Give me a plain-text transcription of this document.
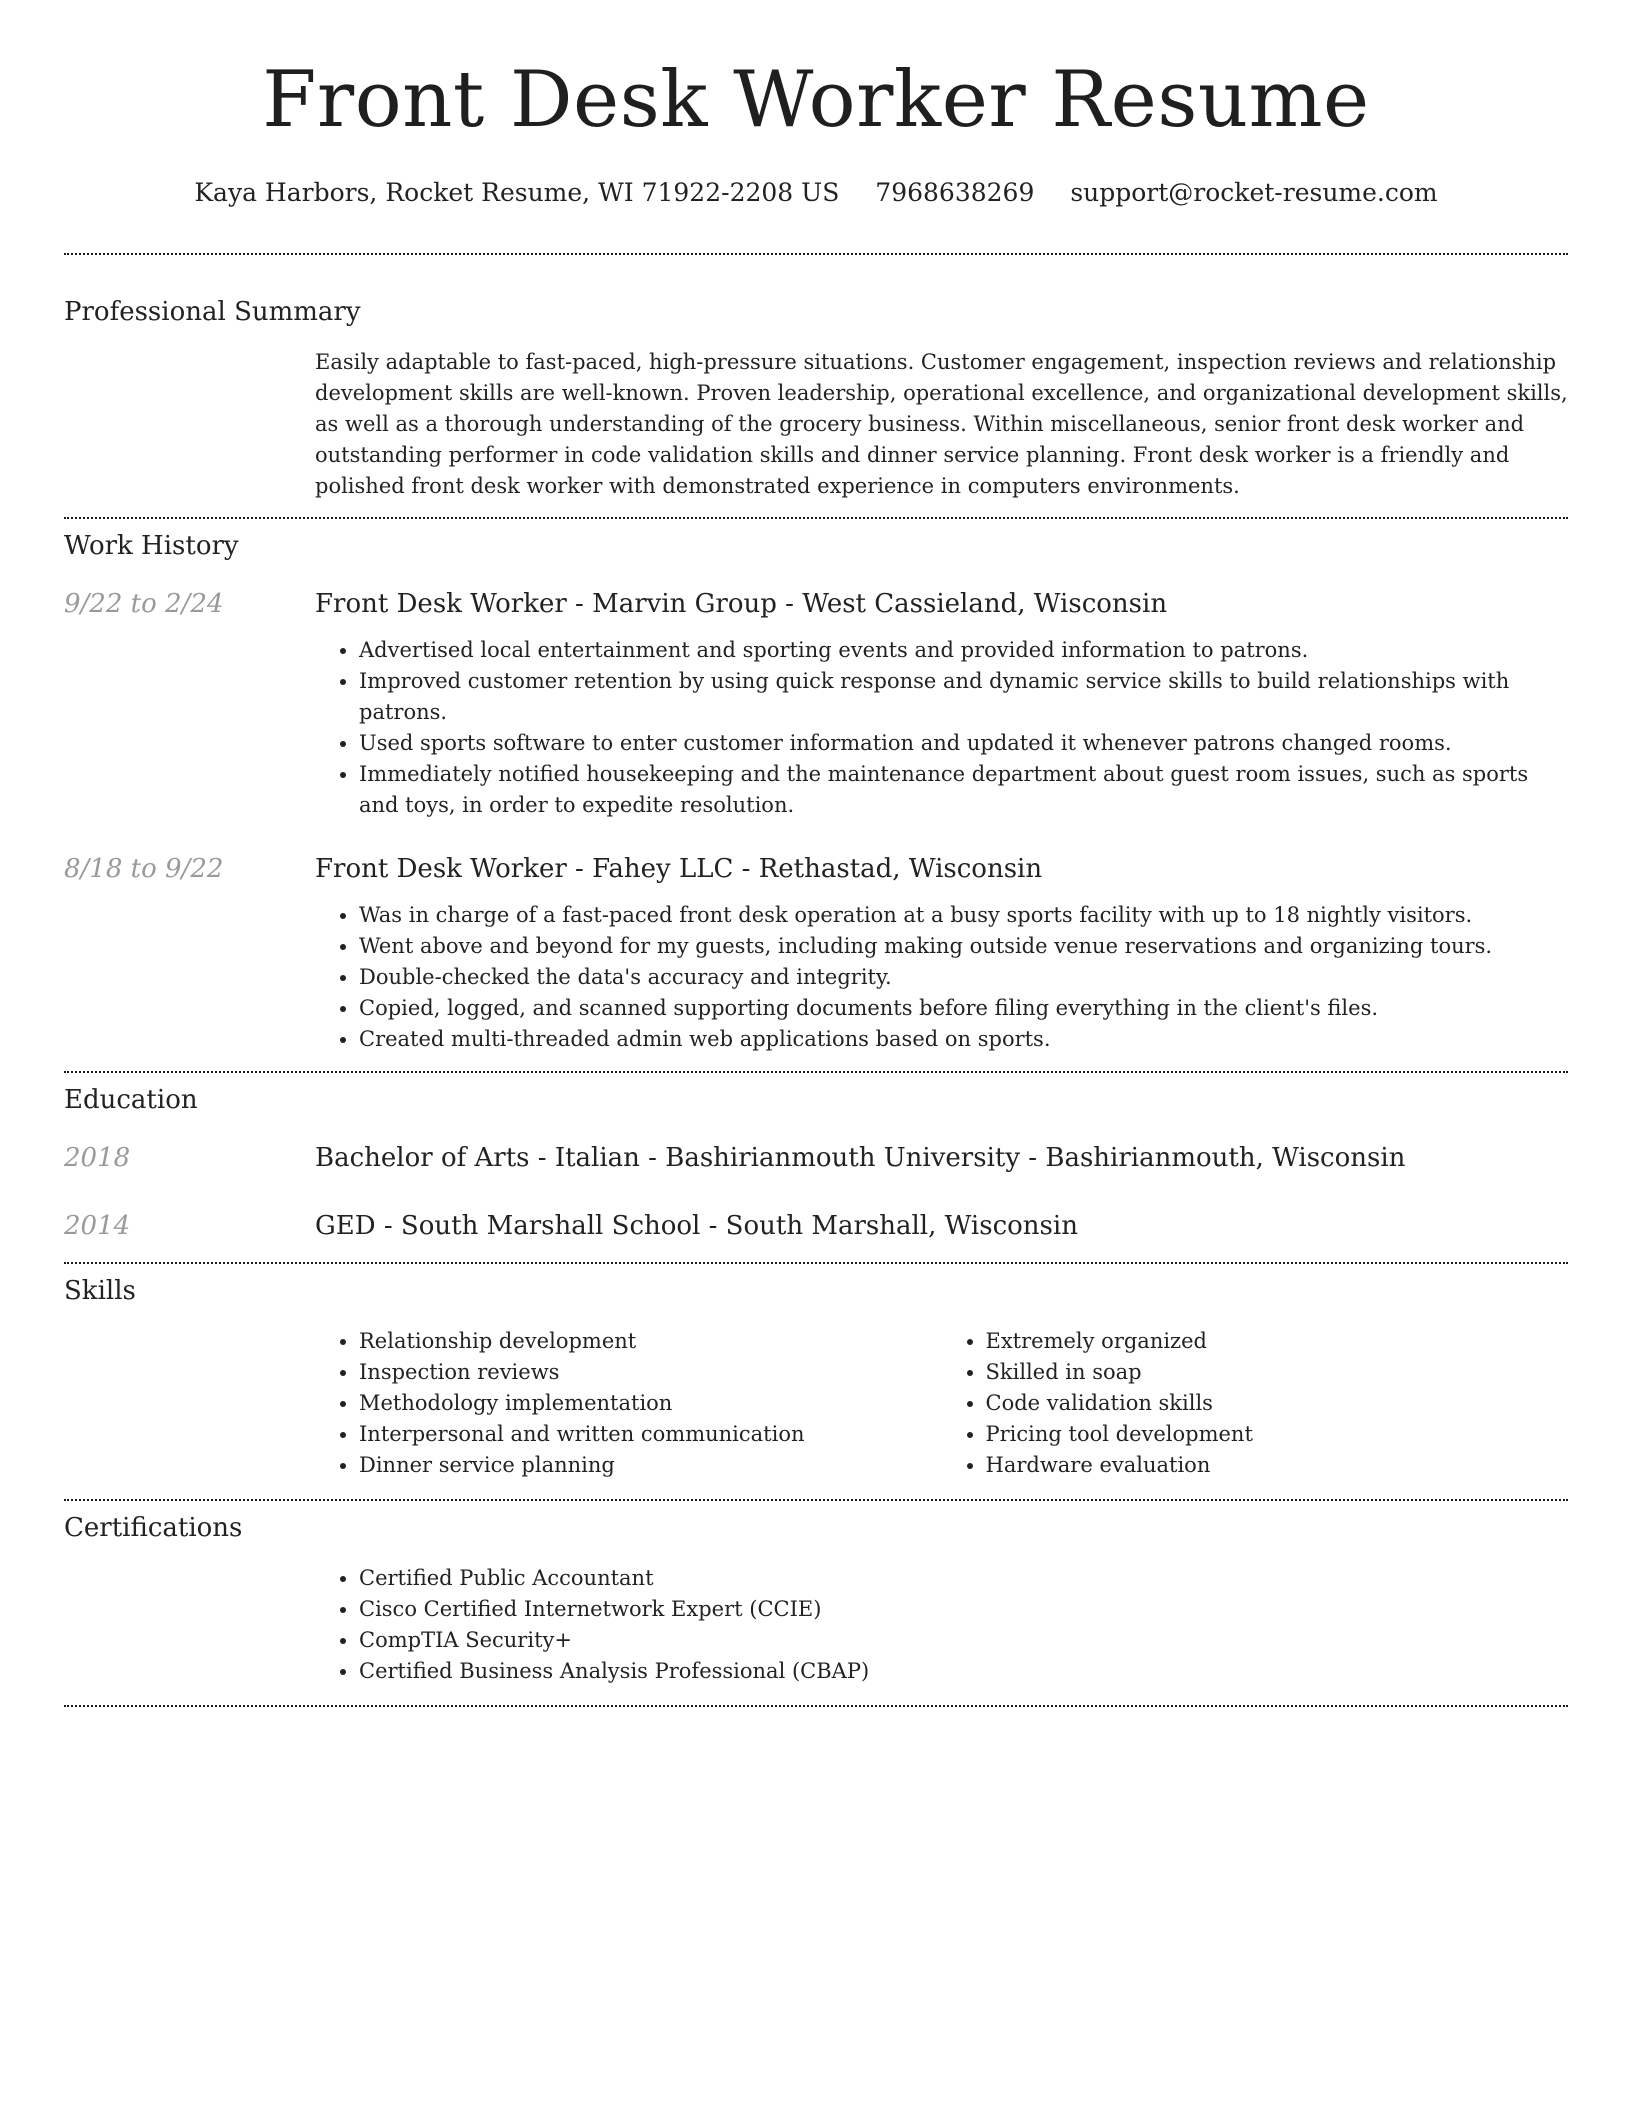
Front Desk Worker Resume
Kaya Harbors, Rocket Resume, WI 71922-2208 US 7968638269 support@rocket-resume.com
Professional Summary

Easily adaptable to fast-paced, high-pressure situations. Customer engagement, inspection reviews and relationship development skills are well-known. Proven leadership, operational excellence, and organizational development skills, as well as a thorough understanding of the grocery business. Within miscellaneous, senior front desk worker and outstanding performer in code validation skills and dinner service planning. Front desk worker is a friendly and polished front desk worker with demonstrated experience in computers environments.

Work History
9/22 to 2/24	Front Desk Worker - Marvin Group - West Cassieland, Wisconsin
• Advertised local entertainment and sporting events and provided information to patrons.
• Improved customer retention by using quick response and dynamic service skills to build relationships with patrons.
• Used sports software to enter customer information and updated it whenever patrons changed rooms.
• Immediately notified housekeeping and the maintenance department about guest room issues, such as sports and toys, in order to expedite resolution.
8/18 to 9/22	Front Desk Worker - Fahey LLC - Rethastad, Wisconsin
• Was in charge of a fast-paced front desk operation at a busy sports facility with up to 18 nightly visitors.
• Went above and beyond for my guests, including making outside venue reservations and organizing tours.
• Double-checked the data's accuracy and integrity.
• Copied, logged, and scanned supporting documents before filing everything in the client's files.
• Created multi-threaded admin web applications based on sports.
Education
2018	Bachelor of Arts - Italian - Bashirianmouth University - Bashirianmouth, Wisconsin
2014	GED - South Marshall School - South Marshall, Wisconsin
Skills
• Relationship development
• Inspection reviews
• Methodology implementation
• Interpersonal and written communication
• Dinner service planning
• Extremely organized
• Skilled in soap
• Code validation skills
• Pricing tool development
• Hardware evaluation
Certifications
• Certified Public Accountant
• Cisco Certified Internetwork Expert (CCIE)
• CompTIA Security+
• Certified Business Analysis Professional (CBAP)
